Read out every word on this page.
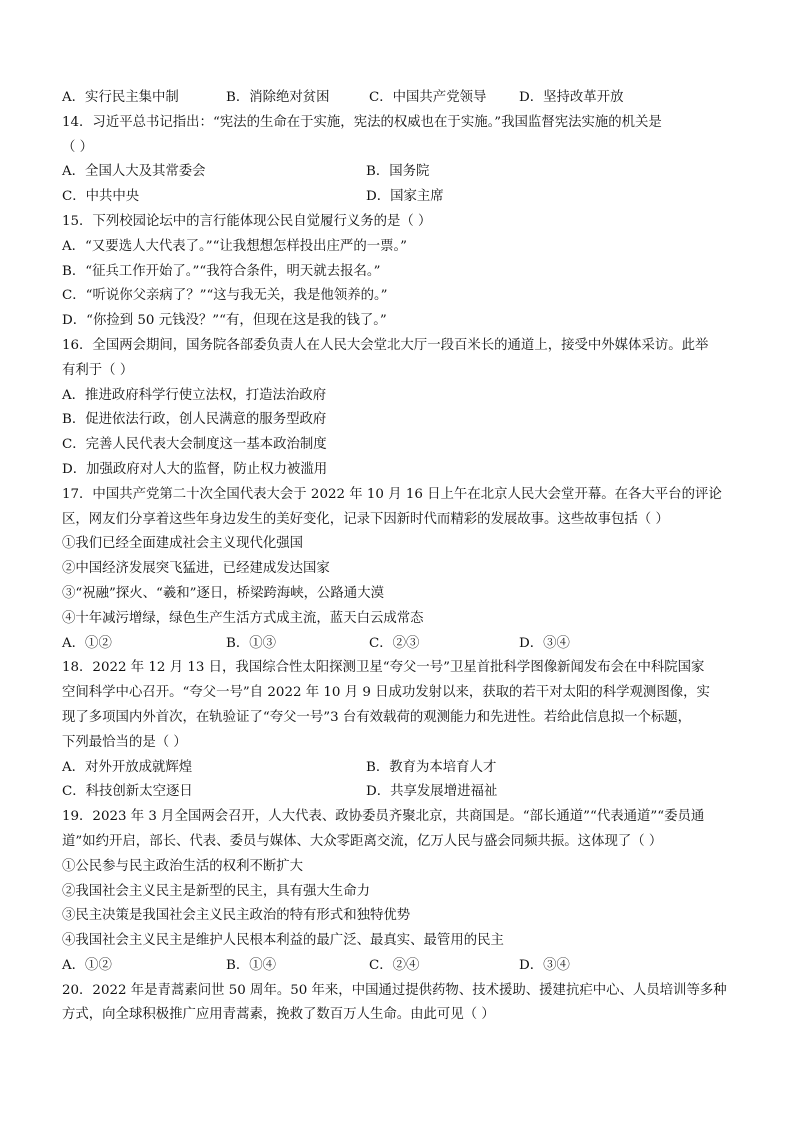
A．实行民主集中制	B．消除绝对贫困	C．中国共产党领导	D．坚持改革开放
14．习近平总书记指出：“宪法的生命在于实施，宪法的权威也在于实施。”我国监督宪法实施的机关是
（ ）
A．全国人大及其常委会	B．国务院
C．中共中央	D．国家主席
15．下列校园论坛中的言行能体现公民自觉履行义务的是（ ）
A．“又要选人大代表了。”“让我想想怎样投出庄严的一票。”
B．“征兵工作开始了。”“我符合条件，明天就去报名。”
C．“听说你父亲病了？”“这与我无关，我是他领养的。”
D．“你捡到 50 元钱没？”“有，但现在这是我的钱了。”
16．全国两会期间，国务院各部委负责人在人民大会堂北大厅一段百米长的通道上，接受中外媒体采访。此举
有利于（ ）
A．推进政府科学行使立法权，打造法治政府
B．促进依法行政，创人民满意的服务型政府
C．完善人民代表大会制度这一基本政治制度
D．加强政府对人大的监督，防止权力被滥用
17．中国共产党第二十次全国代表大会于 2022 年 10 月 16 日上午在北京人民大会堂开幕。在各大平台的评论
区，网友们分享着这些年身边发生的美好变化，记录下因新时代而精彩的发展故事。这些故事包括（ ）
①我们已经全面建成社会主义现代化强国
②中国经济发展突飞猛进，已经建成发达国家
③“祝融”探火、“羲和”逐日，桥梁跨海峡，公路通大漠
④十年减污增绿，绿色生产生活方式成主流，蓝天白云成常态
A．①②	B．①③	C．②③	D．③④
18．2022 年 12 月 13 日，我国综合性太阳探测卫星“夸父一号”卫星首批科学图像新闻发布会在中科院国家
空间科学中心召开。“夸父一号”自 2022 年 10 月 9 日成功发射以来，获取的若干对太阳的科学观测图像，实
现了多项国内外首次，在轨验证了“夸父一号”3 台有效载荷的观测能力和先进性。若给此信息拟一个标题，
下列最恰当的是（ ）
A．对外开放成就辉煌	B．教育为本培育人才
C．科技创新太空逐日	D．共享发展增进福祉
19．2023 年 3 月全国两会召开，人大代表、政协委员齐聚北京，共商国是。“部长通道”“代表通道”“委员通
道”如约开启，部长、代表、委员与媒体、大众零距离交流，亿万人民与盛会同频共振。这体现了（ ）
①公民参与民主政治生活的权利不断扩大
②我国社会主义民主是新型的民主，具有强大生命力
③民主决策是我国社会主义民主政治的特有形式和独特优势
④我国社会主义民主是维护人民根本利益的最广泛、最真实、最管用的民主
A．①②	B．①④	C．②④	D．③④
20．2022 年是青蒿素问世 50 周年。50 年来，中国通过提供药物、技术援助、援建抗疟中心、人员培训等多种
方式，向全球积极推广应用青蒿素，挽救了数百万人生命。由此可见（ ）
